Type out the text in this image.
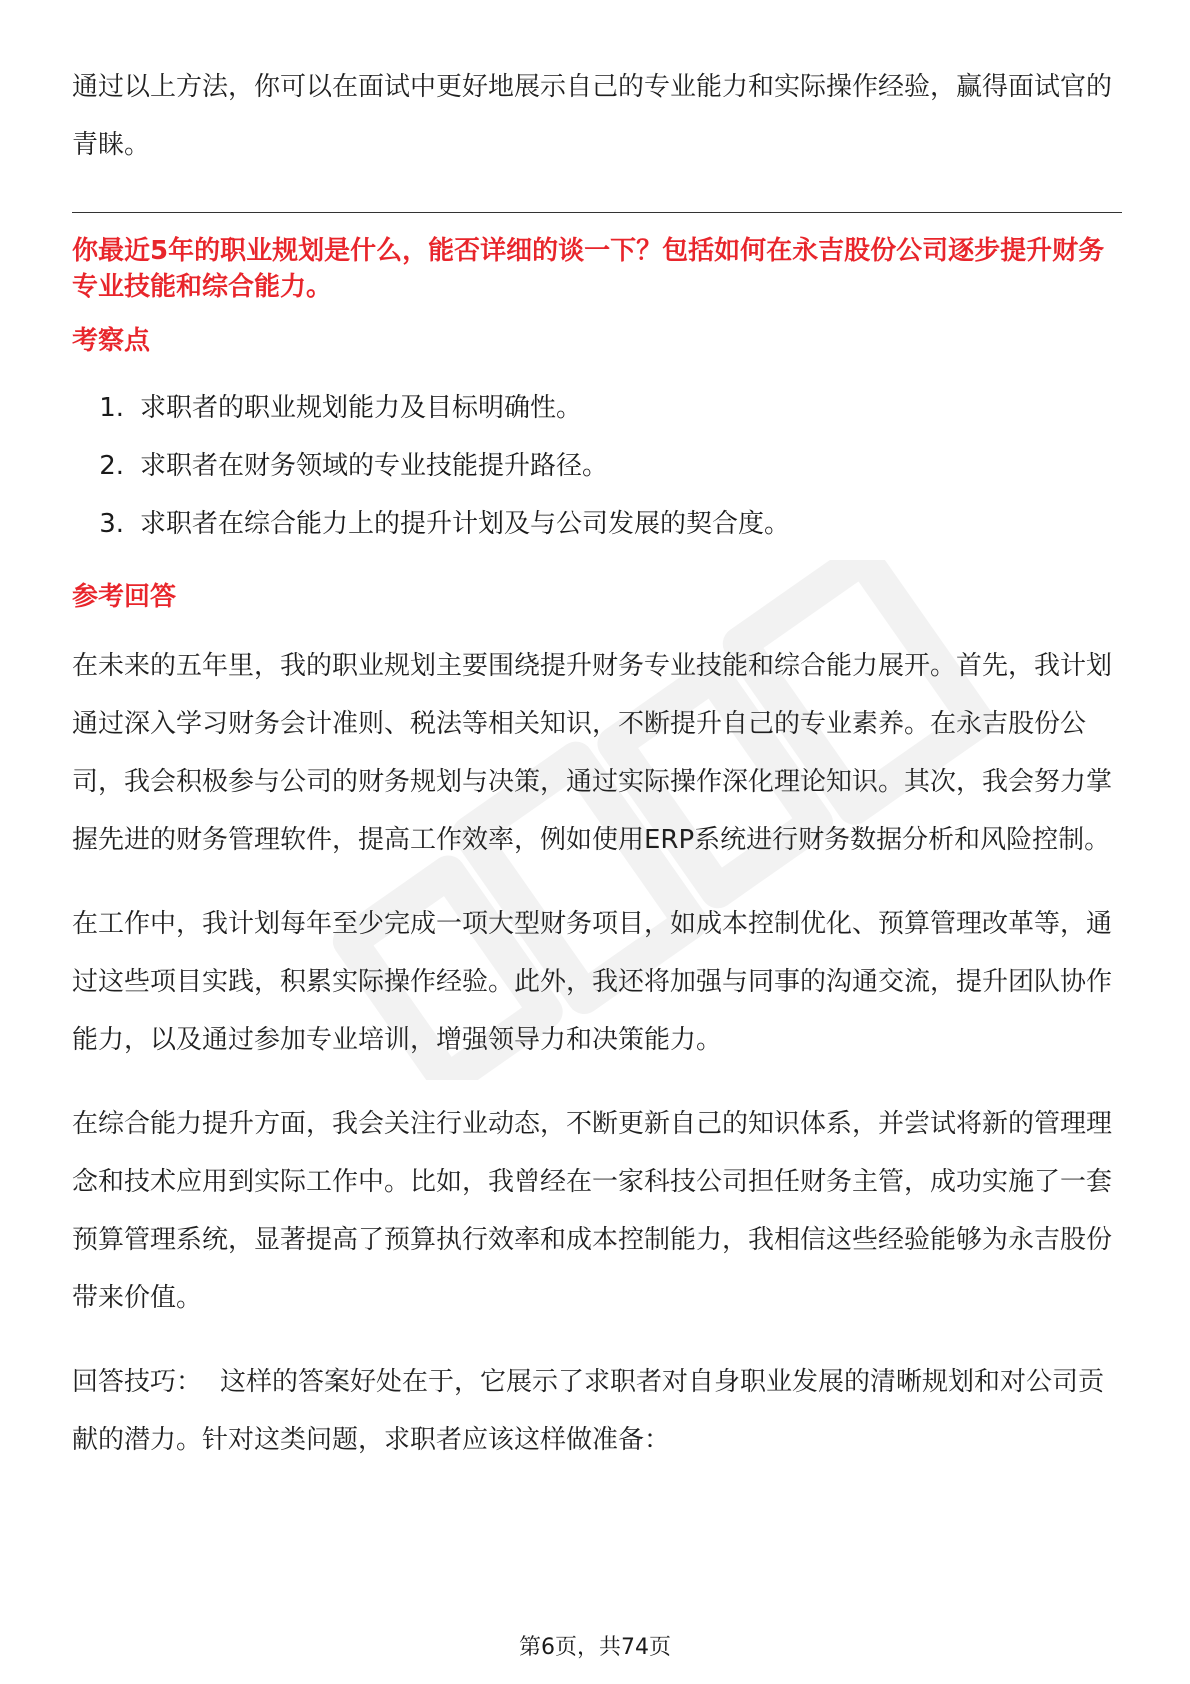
通过以上方法，你可以在面试中更好地展示自己的专业能力和实际操作经验，赢得面试官的青睐。

你最近5年的职业规划是什么，能否详细的谈一下？包括如何在永吉股份公司逐步提升财务专业技能和综合能力。

考察点

1. 求职者的职业规划能力及目标明确性。
2. 求职者在财务领域的专业技能提升路径。
3. 求职者在综合能力上的提升计划及与公司发展的契合度。

参考回答

在未来的五年里，我的职业规划主要围绕提升财务专业技能和综合能力展开。首先，我计划通过深入学习财务会计准则、税法等相关知识，不断提升自己的专业素养。在永吉股份公司，我会积极参与公司的财务规划与决策，通过实际操作深化理论知识。其次，我会努力掌握先进的财务管理软件，提高工作效率，例如使用ERP系统进行财务数据分析和风险控制。

在工作中，我计划每年至少完成一项大型财务项目，如成本控制优化、预算管理改革等，通过这些项目实践，积累实际操作经验。此外，我还将加强与同事的沟通交流，提升团队协作能力，以及通过参加专业培训，增强领导力和决策能力。

在综合能力提升方面，我会关注行业动态，不断更新自己的知识体系，并尝试将新的管理理念和技术应用到实际工作中。比如，我曾经在一家科技公司担任财务主管，成功实施了一套预算管理系统，显著提高了预算执行效率和成本控制能力，我相信这些经验能够为永吉股份带来价值。

回答技巧： 这样的答案好处在于，它展示了求职者对自身职业发展的清晰规划和对公司贡献的潜力。针对这类问题，求职者应该这样做准备：

第6页，共74页
